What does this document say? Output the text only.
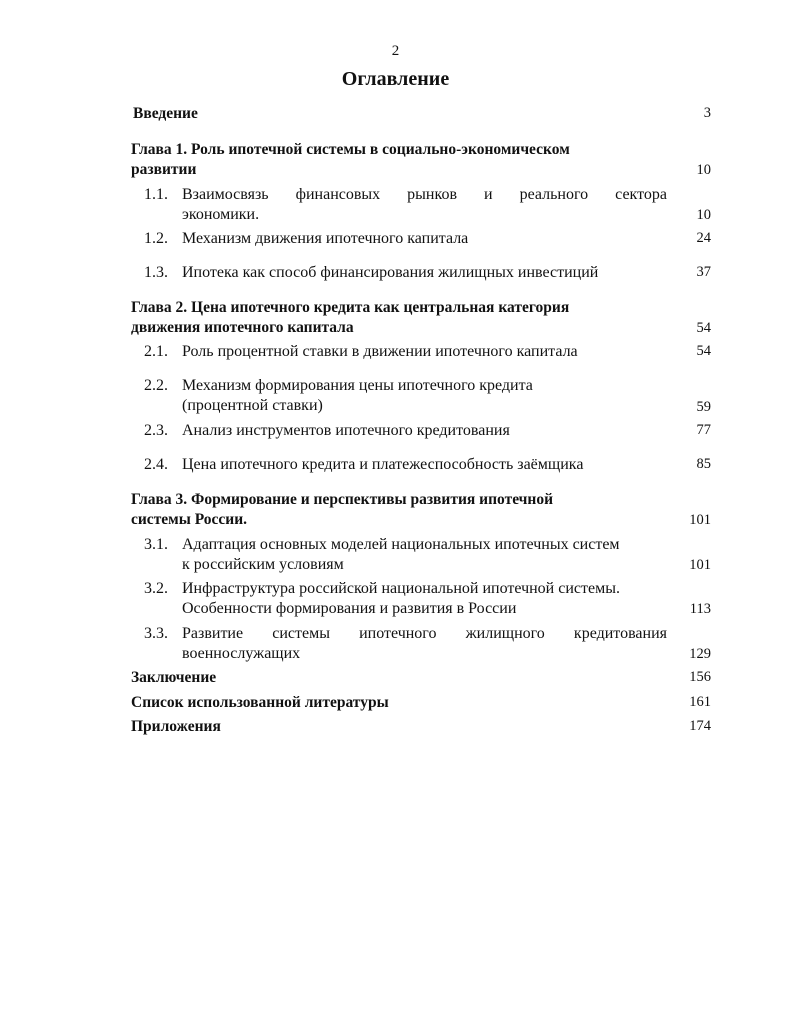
2
Оглавление
Введение	3
Глава 1. Роль ипотечной системы в социально-экономическом
развитии	10
1.1. Взаимосвязь финансовых рынков и реального сектора
экономики.	10
1.2. Механизм движения ипотечного капитала	24
1.3. Ипотека как способ финансирования жилищных инвестиций	37
Глава 2. Цена ипотечного кредита как центральная категория
движения ипотечного капитала	54
2.1. Роль процентной ставки в движении ипотечного капитала	54
2.2. Механизм формирования цены ипотечного кредита
(процентной ставки)	59
2.3. Анализ инструментов ипотечного кредитования	77
2.4. Цена ипотечного кредита и платежеспособность заёмщика	85
Глава 3. Формирование и перспективы развития ипотечной
системы России.	101
3.1. Адаптация основных моделей национальных ипотечных систем
к российским условиям	101
3.2. Инфраструктура российской национальной ипотечной системы.
Особенности формирования и развития в России	113
3.3. Развитие системы ипотечного жилищного кредитования
военнослужащих	129
Заключение	156
Список использованной литературы	161
Приложения	174
